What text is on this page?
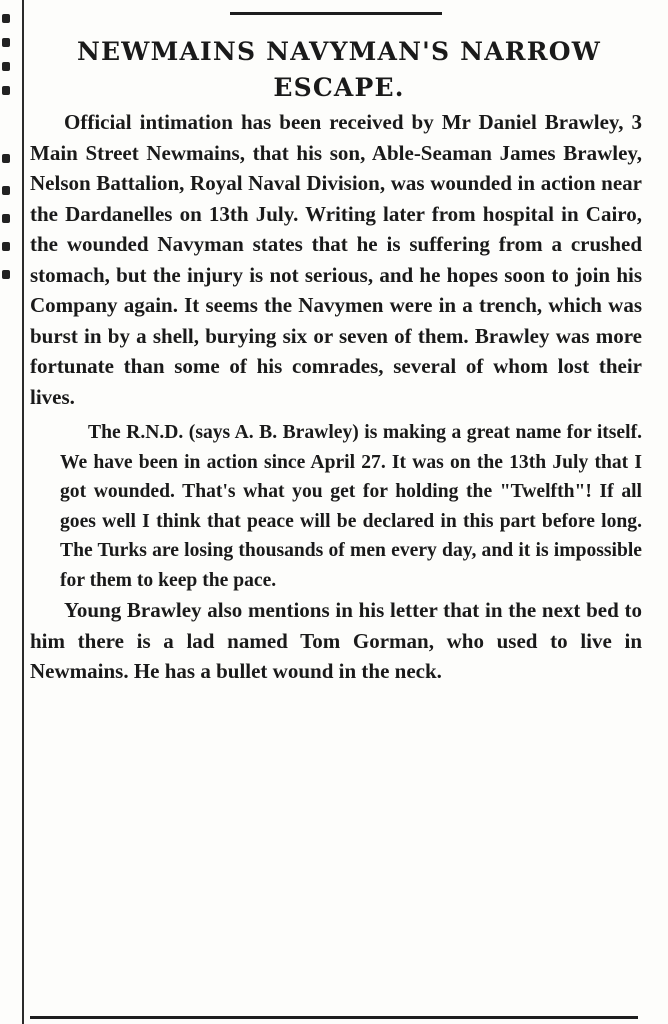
NEWMAINS NAVYMAN'S NARROW ESCAPE.

Official intimation has been received by Mr Daniel Brawley, 3 Main Street Newmains, that his son, Able-Seaman James Brawley, Nelson Battalion, Royal Naval Division, was wounded in action near the Dardanelles on 13th July. Writing later from hospital in Cairo, the wounded Navyman states that he is suffering from a crushed stomach, but the injury is not serious, and he hopes soon to join his Company again. It seems the Navymen were in a trench, which was burst in by a shell, burying six or seven of them. Brawley was more fortunate than some of his comrades, several of whom lost their lives.

The R.N.D. (says A. B. Brawley) is making a great name for itself. We have been in action since April 27. It was on the 13th July that I got wounded. That's what you get for holding the "Twelfth"! If all goes well I think that peace will be declared in this part before long. The Turks are losing thousands of men every day, and it is impossible for them to keep the pace.

Young Brawley also mentions in his letter that in the next bed to him there is a lad named Tom Gorman, who used to live in Newmains. He has a bullet wound in the neck.
